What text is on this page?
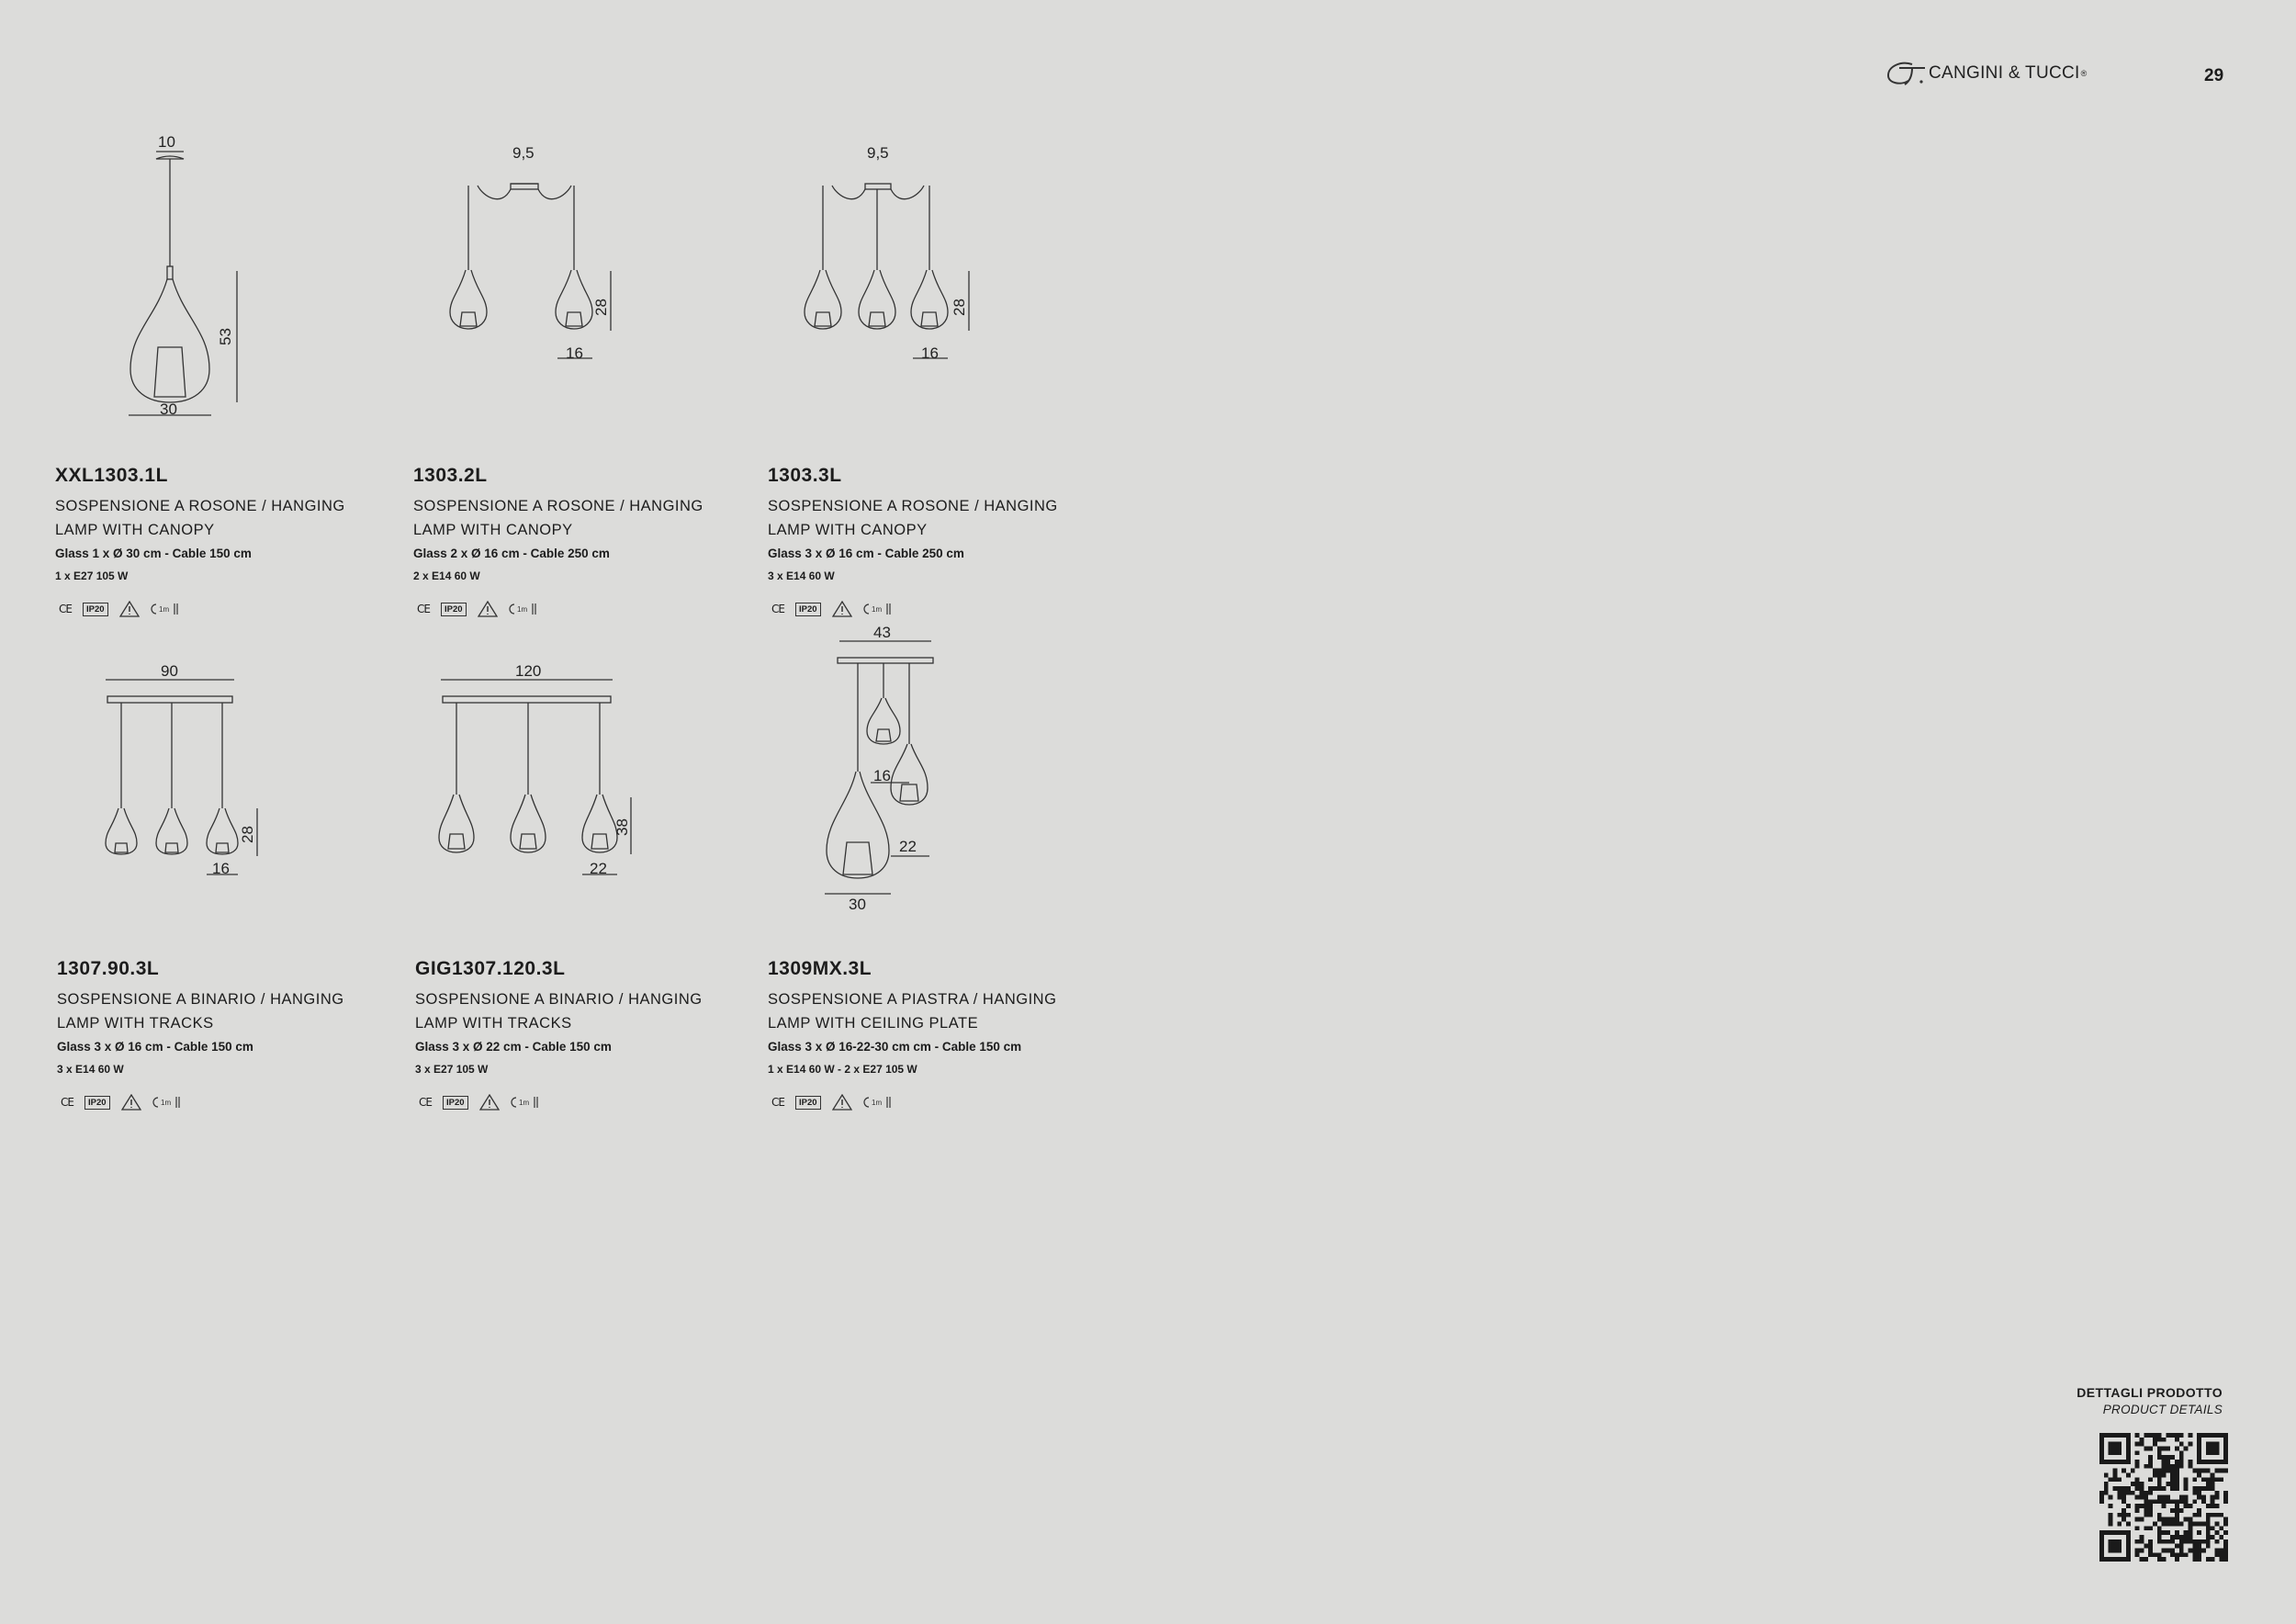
CANGINI & TUCCI ®	29
10
30
53
9,5
16
28
9,5
16
28
90
16
28
120
22
38
43
16
22
30
XXL1303.1L
SOSPENSIONE A ROSONE / HANGING
LAMP WITH CANOPY
Glass 1 x Ø 30 cm - Cable 150 cm
1 x E27 105 W
CE	IP20	1m
1303.2L
SOSPENSIONE A ROSONE / HANGING
LAMP WITH CANOPY
Glass 2 x Ø 16 cm - Cable 250 cm
2 x E14 60 W
CE	IP20	1m
1303.3L
SOSPENSIONE A ROSONE / HANGING
LAMP WITH CANOPY
Glass 3 x Ø 16 cm - Cable 250 cm
3 x E14 60 W
CE	IP20	1m
1307.90.3L
SOSPENSIONE A BINARIO / HANGING
LAMP WITH TRACKS
Glass 3 x Ø 16 cm - Cable 150 cm
3 x E14 60 W
CE	IP20	1m
GIG1307.120.3L
SOSPENSIONE A BINARIO / HANGING
LAMP WITH TRACKS
Glass 3 x Ø 22 cm - Cable 150 cm
3 x E27 105 W
CE	IP20	1m
1309MX.3L
SOSPENSIONE A PIASTRA / HANGING
LAMP WITH CEILING PLATE
Glass 3 x Ø 16-22-30 cm cm - Cable 150 cm
1 x E14 60 W - 2 x E27 105 W
CE	IP20	1m
DETTAGLI PRODOTTO
PRODUCT DETAILS
